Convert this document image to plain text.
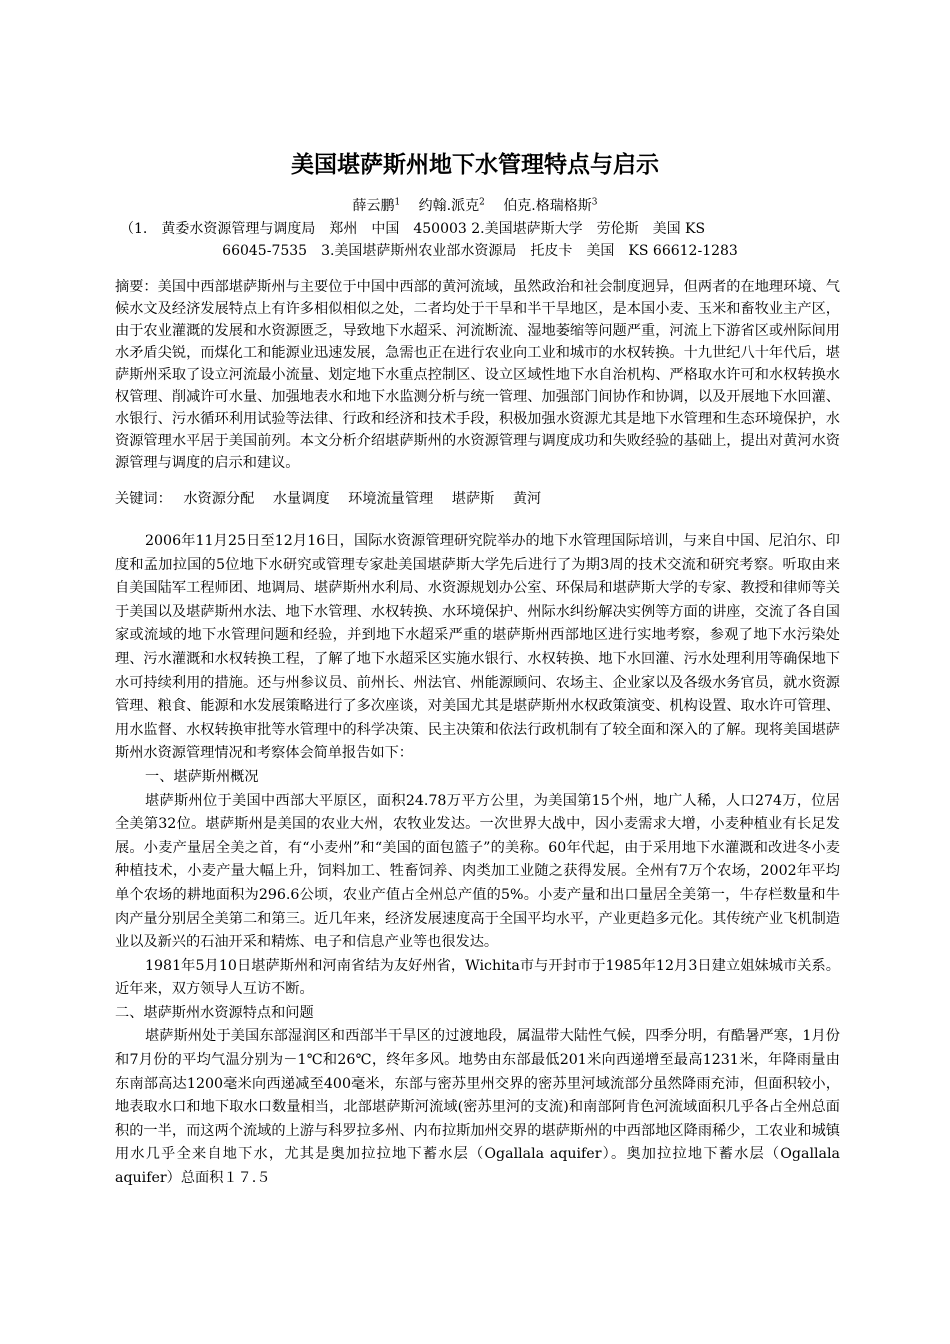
美国堪萨斯州地下水管理特点与启示
薛云鹏$^1$ 　 约翰.派克$^2$ 　 伯克.格瑞格斯$^3$
（1.　黄委水资源管理与调度局　郑州　中国　450003 2.美国堪萨斯大学　劳伦斯　美国 KS
66045-7535　3.美国堪萨斯州农业部水资源局　托皮卡　美国　KS 66612-1283
摘要：美国中西部堪萨斯州与主要位于中国中西部的黄河流域，虽然政治和社会制度迥异，但两者的在地理环境、气候水文及经济发展特点上有许多相似相似之处，二者均处于干旱和半干旱地区，是本国小麦、玉米和畜牧业主产区，由于农业灌溉的发展和水资源匮乏，导致地下水超采、河流断流、湿地萎缩等问题严重，河流上下游省区或州际间用水矛盾尖锐，而煤化工和能源业迅速发展，急需也正在进行农业向工业和城市的水权转换。十九世纪八十年代后，堪萨斯州采取了设立河流最小流量、划定地下水重点控制区、设立区域性地下水自治机构、严格取水许可和水权转换水权管理、削减许可水量、加强地表水和地下水监测分析与统一管理、加强部门间协作和协调，以及开展地下水回灌、水银行、污水循环利用试验等法律、行政和经济和技术手段，积极加强水资源尤其是地下水管理和生态环境保护，水资源管理水平居于美国前列。本文分析介绍堪萨斯州的水资源管理与调度成功和失败经验的基础上，提出对黄河水资源管理与调度的启示和建议。
关键词：　 水资源分配 水量调度 环境流量管理 堪萨斯 黄河

2006年11月25日至12月16日，国际水资源管理研究院举办的地下水管理国际培训，与来自中国、尼泊尔、印度和孟加拉国的5位地下水研究或管理专家赴美国堪萨斯大学先后进行了为期3周的技术交流和研究考察。听取由来自美国陆军工程师团、地调局、堪萨斯州水利局、水资源规划办公室、环保局和堪萨斯大学的专家、教授和律师等关于美国以及堪萨斯州水法、地下水管理、水权转换、水环境保护、州际水纠纷解决实例等方面的讲座，交流了各自国家或流域的地下水管理问题和经验，并到地下水超采严重的堪萨斯州西部地区进行实地考察，参观了地下水污染处理、污水灌溉和水权转换工程，了解了地下水超采区实施水银行、水权转换、地下水回灌、污水处理利用等确保地下水可持续利用的措施。还与州参议员、前州长、州法官、州能源顾问、农场主、企业家以及各级水务官员，就水资源管理、粮食、能源和水发展策略进行了多次座谈，对美国尤其是堪萨斯州水权政策演变、机构设置、取水许可管理、用水监督、水权转换审批等水管理中的科学决策、民主决策和依法行政机制有了较全面和深入的了解。现将美国堪萨斯州水资源管理情况和考察体会简单报告如下：

一、堪萨斯州概况

堪萨斯州位于美国中西部大平原区，面积24.78万平方公里，为美国第15个州，地广人稀，人口274万，位居全美第32位。堪萨斯州是美国的农业大州，农牧业发达。一次世界大战中，因小麦需求大增，小麦种植业有长足发展。小麦产量居全美之首，有“小麦州”和“美国的面包篮子”的美称。60年代起，由于采用地下水灌溉和改进冬小麦种植技术，小麦产量大幅上升，饲料加工、牲畜饲养、肉类加工业随之获得发展。全州有7万个农场，2002年平均单个农场的耕地面积为296.6公顷，农业产值占全州总产值的5%。小麦产量和出口量居全美第一，牛存栏数量和牛肉产量分别居全美第二和第三。近几年来，经济发展速度高于全国平均水平，产业更趋多元化。其传统产业飞机制造业以及新兴的石油开采和精炼、电子和信息产业等也很发达。

1981年5月10日堪萨斯州和河南省结为友好州省，Wichita市与开封市于1985年12月3日建立姐妹城市关系。近年来，双方领导人互访不断。

二、堪萨斯州水资源特点和问题

堪萨斯州处于美国东部湿润区和西部半干旱区的过渡地段，属温带大陆性气候，四季分明，有酷暑严寒，1月份和7月份的平均气温分别为－1℃和26℃，终年多风。地势由东部最低201米向西递增至最高1231米，年降雨量由东南部高达1200毫米向西递减至400毫米，东部与密苏里州交界的密苏里河域流部分虽然降雨充沛，但面积较小，地表取水口和地下取水口数量相当，北部堪萨斯河流域(密苏里河的支流)和南部阿肯色河流域面积几乎各占全州总面积的一半，而这两个流域的上游与科罗拉多州、内布拉斯加州交界的堪萨斯州的中西部地区降雨稀少，工农业和城镇用水几乎全来自地下水，尤其是奥加拉拉地下蓄水层（Ogallala aquifer）。奥加拉拉地下蓄水层（Ogallala aquifer）总面积１７.５
